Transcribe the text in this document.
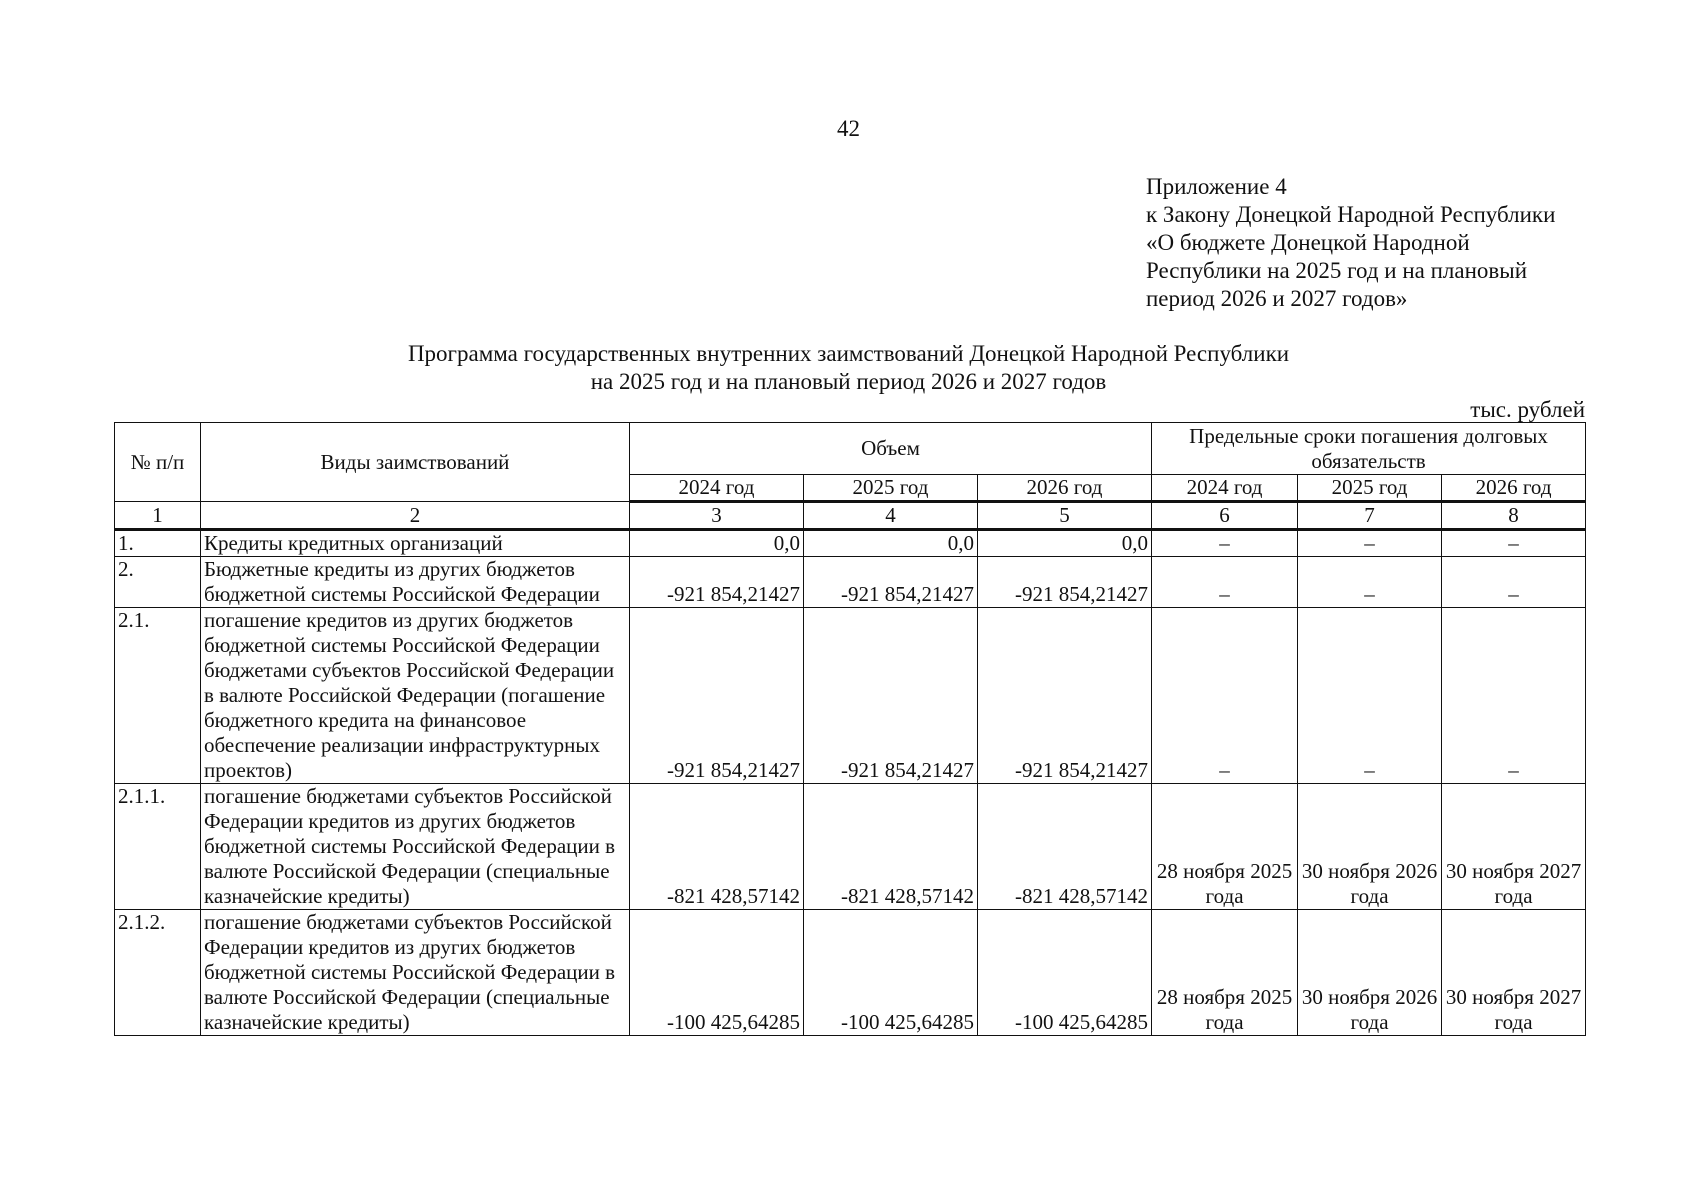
42
Приложение 4
к Закону Донецкой Народной Республики
«О бюджете Донецкой Народной
Республики на 2025 год и на плановый
период 2026 и 2027 годов»
Программа государственных внутренних заимствований Донецкой Народной Республики
на 2025 год и на плановый период 2026 и 2027 годов
тыс. рублей
№ п/п	Виды заимствований	Объем			Предельные сроки погашения долговых обязательств		
		2024 год	2025 год	2026 год	2024 год	2025 год	2026 год
1	2	3	4	5	6	7	8
1.	Кредиты кредитных организаций	0,0	0,0	0,0	–	–	–
2.	Бюджетные кредиты из других бюджетов бюджетной системы Российской Федерации	-921 854,21427	-921 854,21427	-921 854,21427	–	–	–
2.1.	погашение кредитов из других бюджетов бюджетной системы Российской Федерации бюджетами субъектов Российской Федерации в валюте Российской Федерации (погашение бюджетного кредита на финансовое обеспечение реализации инфраструктурных проектов)	-921 854,21427	-921 854,21427	-921 854,21427	–	–	–
2.1.1.	погашение бюджетами субъектов Российской Федерации кредитов из других бюджетов бюджетной системы Российской Федерации в валюте Российской Федерации (специальные казначейские кредиты)	-821 428,57142	-821 428,57142	-821 428,57142	28 ноября 2025 года	30 ноября 2026 года	30 ноября 2027 года
2.1.2.	погашение бюджетами субъектов Российской Федерации кредитов из других бюджетов бюджетной системы Российской Федерации в валюте Российской Федерации (специальные казначейские кредиты)	-100 425,64285	-100 425,64285	-100 425,64285	28 ноября 2025 года	30 ноября 2026 года	30 ноября 2027 года
